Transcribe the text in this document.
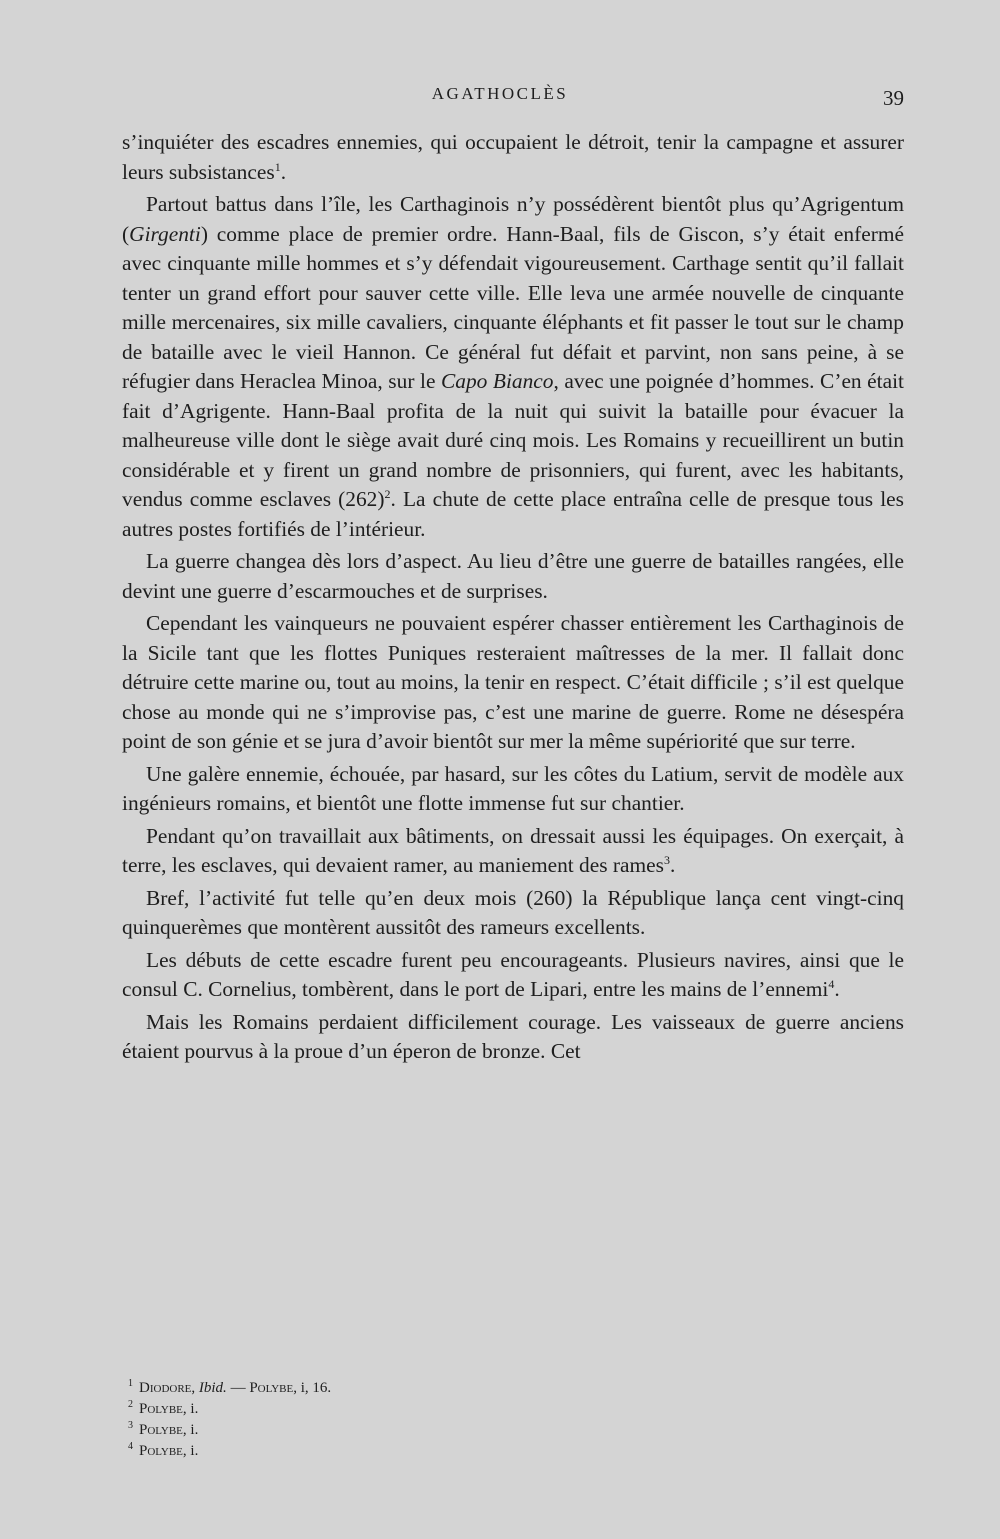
AGATHOCLÈS	39

s’inquiéter des escadres ennemies, qui occupaient le détroit, tenir la campagne et assurer leurs subsistances$^1$.

Partout battus dans l’île, les Carthaginois n’y possédèrent bientôt plus qu’Agrigentum (Girgenti) comme place de premier ordre. Hann-Baal, fils de Giscon, s’y était enfermé avec cinquante mille hommes et s’y défendait vigoureusement. Carthage sentit qu’il fallait tenter un grand effort pour sauver cette ville. Elle leva une armée nouvelle de cinquante mille mercenaires, six mille cavaliers, cinquante éléphants et fit passer le tout sur le champ de bataille avec le vieil Hannon. Ce général fut défait et parvint, non sans peine, à se réfugier dans Heraclea Minoa, sur le Capo Bianco, avec une poignée d’hommes. C’en était fait d’Agrigente. Hann-Baal profita de la nuit qui suivit la bataille pour évacuer la malheureuse ville dont le siège avait duré cinq mois. Les Romains y recueillirent un butin considérable et y firent un grand nombre de prisonniers, qui furent, avec les habitants, vendus comme esclaves $(262)^2$. La chute de cette place entraîna celle de presque tous les autres postes fortifiés de l’intérieur.

La guerre changea dès lors d’aspect. Au lieu d’être une guerre de batailles rangées, elle devint une guerre d’escarmouches et de surprises.

Cependant les vainqueurs ne pouvaient espérer chasser entièrement les Carthaginois de la Sicile tant que les flottes Puniques resteraient maîtresses de la mer. Il fallait donc détruire cette marine ou, tout au moins, la tenir en respect. C’était difficile ; s’il est quelque chose au monde qui ne s’improvise pas, c’est une marine de guerre. Rome ne désespéra point de son génie et se jura d’avoir bientôt sur mer la même supériorité que sur terre.

Une galère ennemie, échouée, par hasard, sur les côtes du Latium, servit de modèle aux ingénieurs romains, et bientôt une flotte immense fut sur chantier.

Pendant qu’on travaillait aux bâtiments, on dressait aussi les équipages. On exerçait, à terre, les esclaves, qui devaient ramer, au maniement des rames$^3$.

Bref, l’activité fut telle qu’en deux mois (260) la République lança cent vingt-cinq quinquerèmes que montèrent aussitôt des rameurs excellents.

Les débuts de cette escadre furent peu encourageants. Plusieurs navires, ainsi que le consul C. Cornelius, tombèrent, dans le port de Lipari, entre les mains de l’ennemi$^4$.

Mais les Romains perdaient difficilement courage. Les vaisseaux de guerre anciens étaient pourvus à la proue d’un éperon de bronze. Cet

$^1$ Diodore, Ibid. — Polybe, i, 16.
$^2$ Polybe, i.
$^3$ Polybe, i.
$^4$ Polybe, i.
